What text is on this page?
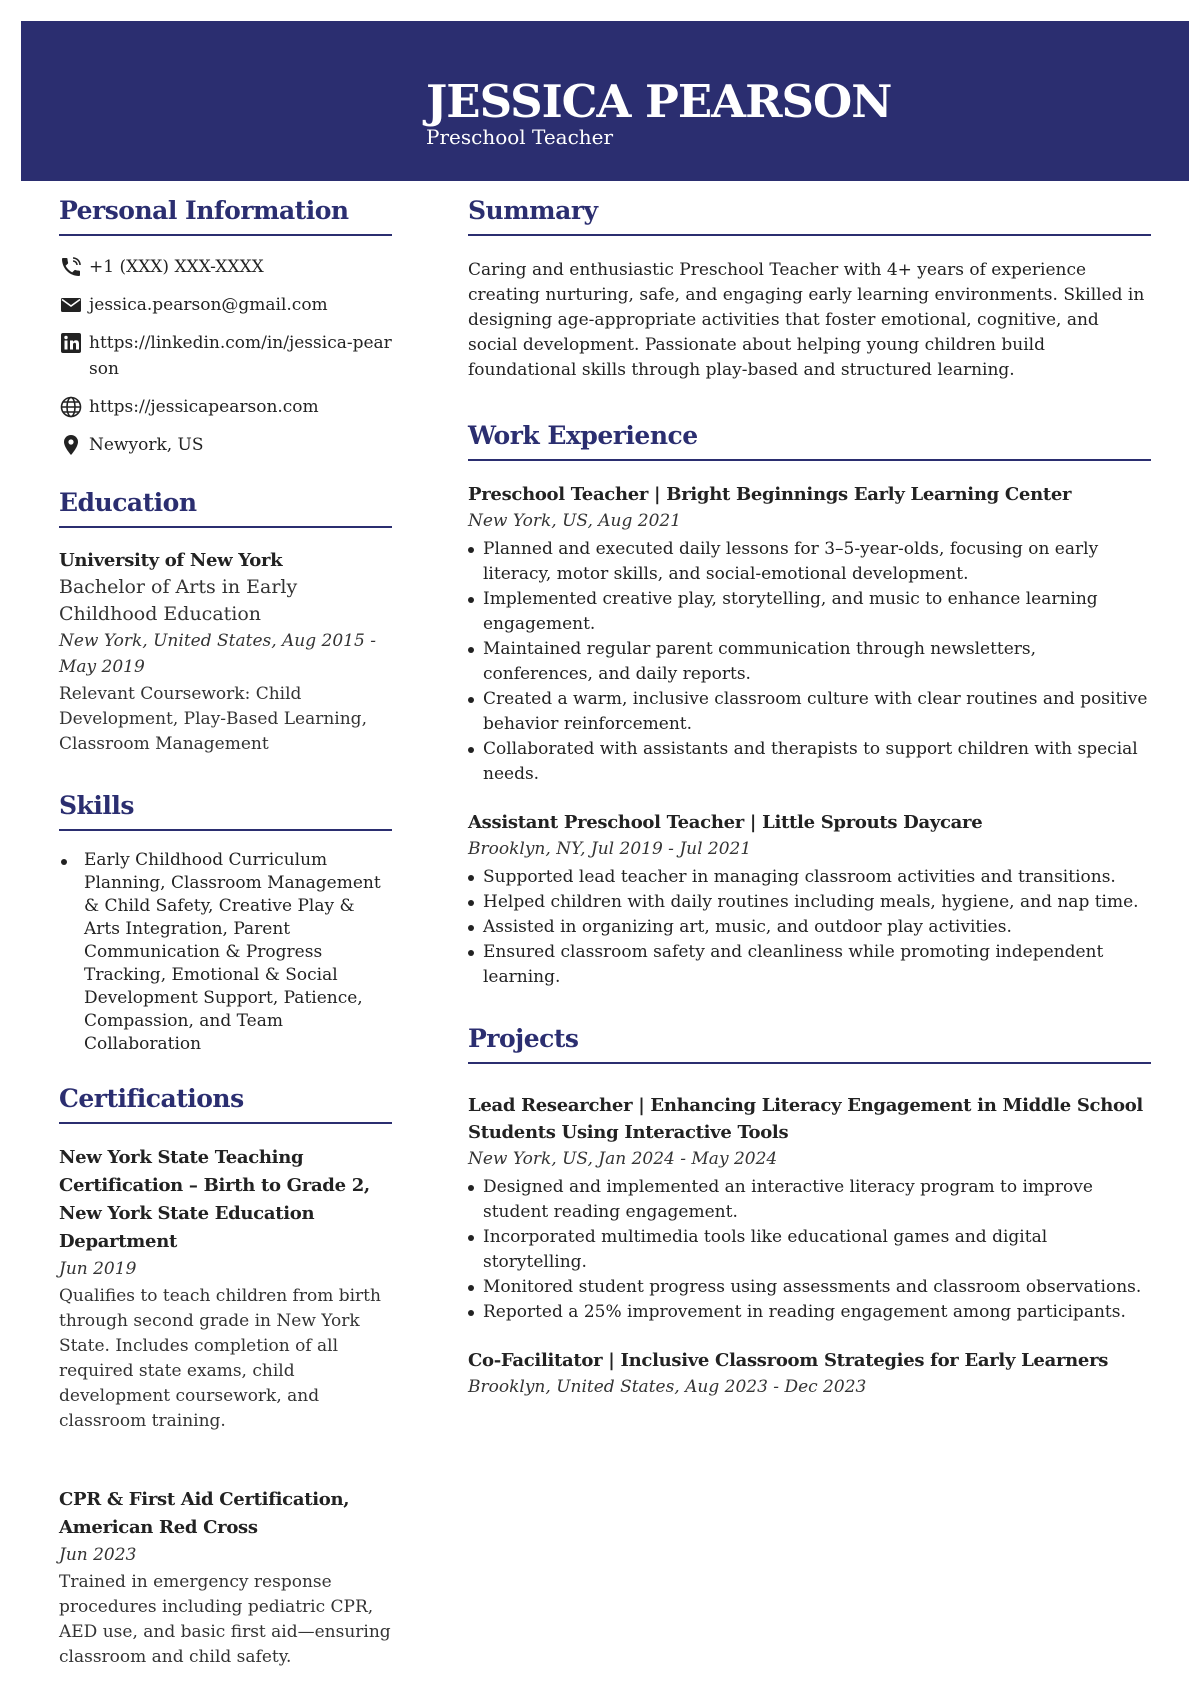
JESSICA PEARSON
Preschool Teacher
Personal Information
+1 (XXX) XXX-XXXX
jessica.pearson@gmail.com
https://linkedin.com/in/jessica-pearson
https://jessicapearson.com
Newyork, US
Education
University of New York
Bachelor of Arts in Early Childhood Education
New York, United States, Aug 2015 - May 2019
Relevant Coursework: Child Development, Play-Based Learning, Classroom Management
Skills
Early Childhood Curriculum Planning, Classroom Management & Child Safety, Creative Play & Arts Integration, Parent Communication & Progress Tracking, Emotional & Social Development Support, Patience, Compassion, and Team Collaboration
Certifications
New York State Teaching Certification – Birth to Grade 2, New York State Education Department
Jun 2019
Qualifies to teach children from birth through second grade in New York State. Includes completion of all required state exams, child development coursework, and classroom training.
CPR & First Aid Certification, American Red Cross
Jun 2023
Trained in emergency response procedures including pediatric CPR, AED use, and basic first aid—ensuring classroom and child safety.
Summary
Caring and enthusiastic Preschool Teacher with 4+ years of experience creating nurturing, safe, and engaging early learning environments. Skilled in designing age-appropriate activities that foster emotional, cognitive, and social development. Passionate about helping young children build foundational skills through play-based and structured learning.
Work Experience
Preschool Teacher | Bright Beginnings Early Learning Center
New York, US, Aug 2021
Planned and executed daily lessons for 3–5-year-olds, focusing on early literacy, motor skills, and social-emotional development.
Implemented creative play, storytelling, and music to enhance learning engagement.
Maintained regular parent communication through newsletters, conferences, and daily reports.
Created a warm, inclusive classroom culture with clear routines and positive behavior reinforcement.
Collaborated with assistants and therapists to support children with special needs.
Assistant Preschool Teacher | Little Sprouts Daycare
Brooklyn, NY, Jul 2019 - Jul 2021
Supported lead teacher in managing classroom activities and transitions.
Helped children with daily routines including meals, hygiene, and nap time.
Assisted in organizing art, music, and outdoor play activities.
Ensured classroom safety and cleanliness while promoting independent learning.
Projects
Lead Researcher | Enhancing Literacy Engagement in Middle School Students Using Interactive Tools
New York, US, Jan 2024 - May 2024
Designed and implemented an interactive literacy program to improve student reading engagement.
Incorporated multimedia tools like educational games and digital storytelling.
Monitored student progress using assessments and classroom observations.
Reported a 25% improvement in reading engagement among participants.
Co-Facilitator | Inclusive Classroom Strategies for Early Learners
Brooklyn, United States, Aug 2023 - Dec 2023
